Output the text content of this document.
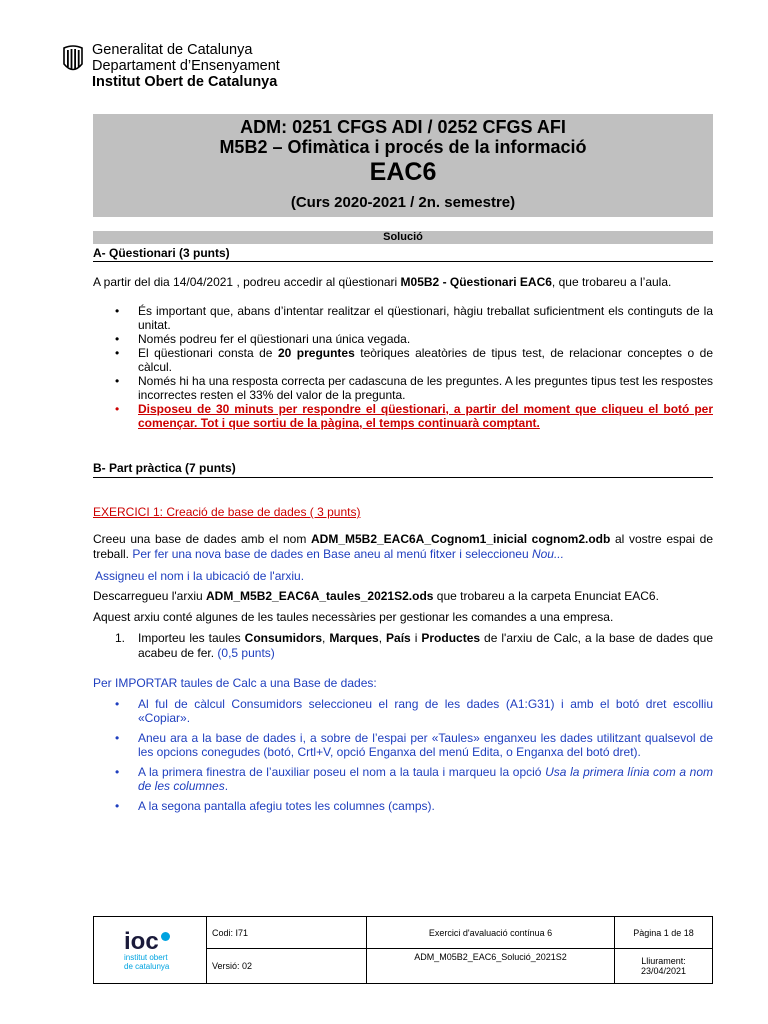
Generalitat de Catalunya
Departament d’Ensenyament
Institut Obert de Catalunya
ADM: 0251 CFGS ADI / 0252 CFGS AFI
M5B2 – Ofimàtica i procés de la informació
EAC6
(Curs 2020-2021 / 2n. semestre)
Solució
A- Qüestionari (3 punts)
A partir del dia 14/04/2021 , podreu accedir al qüestionari M05B2 - Qüestionari EAC6, que trobareu a l’aula.
• És important que, abans d’intentar realitzar el qüestionari, hàgiu treballat suficientment els continguts de la unitat.
• Només podreu fer el qüestionari una única vegada.
• El qüestionari consta de 20 preguntes teòriques aleatòries de tipus test, de relacionar conceptes o de càlcul.
• Només hi ha una resposta correcta per cadascuna de les preguntes. A les preguntes tipus test les respostes incorrectes resten el 33% del valor de la pregunta.
• Disposeu de 30 minuts per respondre el qüestionari, a partir del moment que cliqueu el botó per començar. Tot i que sortiu de la pàgina, el temps continuarà comptant.
B- Part pràctica (7 punts)
EXERCICI 1: Creació de base de dades ( 3 punts)
Creeu una base de dades amb el nom ADM_M5B2_EAC6A_Cognom1_inicial cognom2.odb al vostre espai de treball. Per fer una nova base de dades en Base aneu al menú fitxer i seleccioneu Nou...
Assigneu el nom i la ubicació de l'arxiu.
Descarregueu l'arxiu ADM_M5B2_EAC6A_taules_2021S2.ods que trobareu a la carpeta Enunciat EAC6.
Aquest arxiu conté algunes de les taules necessàries per gestionar les comandes a una empresa.
1.	Importeu les taules Consumidors, Marques, País i Productes de l'arxiu de Calc, a la base de dades que acabeu de fer. (0,5 punts)
Per IMPORTAR taules de Calc a una Base de dades:
• Al ful de càlcul Consumidors seleccioneu el rang de les dades (A1:G31) i amb el botó dret escolliu «Copiar».
• Aneu ara a la base de dades i, a sobre de l’espai per «Taules» enganxeu les dades utilitzant qualsevol de les opcions conegudes (botó, Crtl+V, opció Enganxa del menú Edita, o Enganxa del botó dret).
• A la primera finestra de l’auxiliar poseu el nom a la taula i marqueu la opció Usa la primera línia com a nom de les columnes.
• A la segona pantalla afegiu totes les columnes (camps).
ioc
institut obert
de catalunya
Codi: I71
Versió: 02
Exercici d'avaluació contínua 6
ADM_M05B2_EAC6_Solució_2021S2
Pàgina 1 de 18
Lliurament:
23/04/2021
